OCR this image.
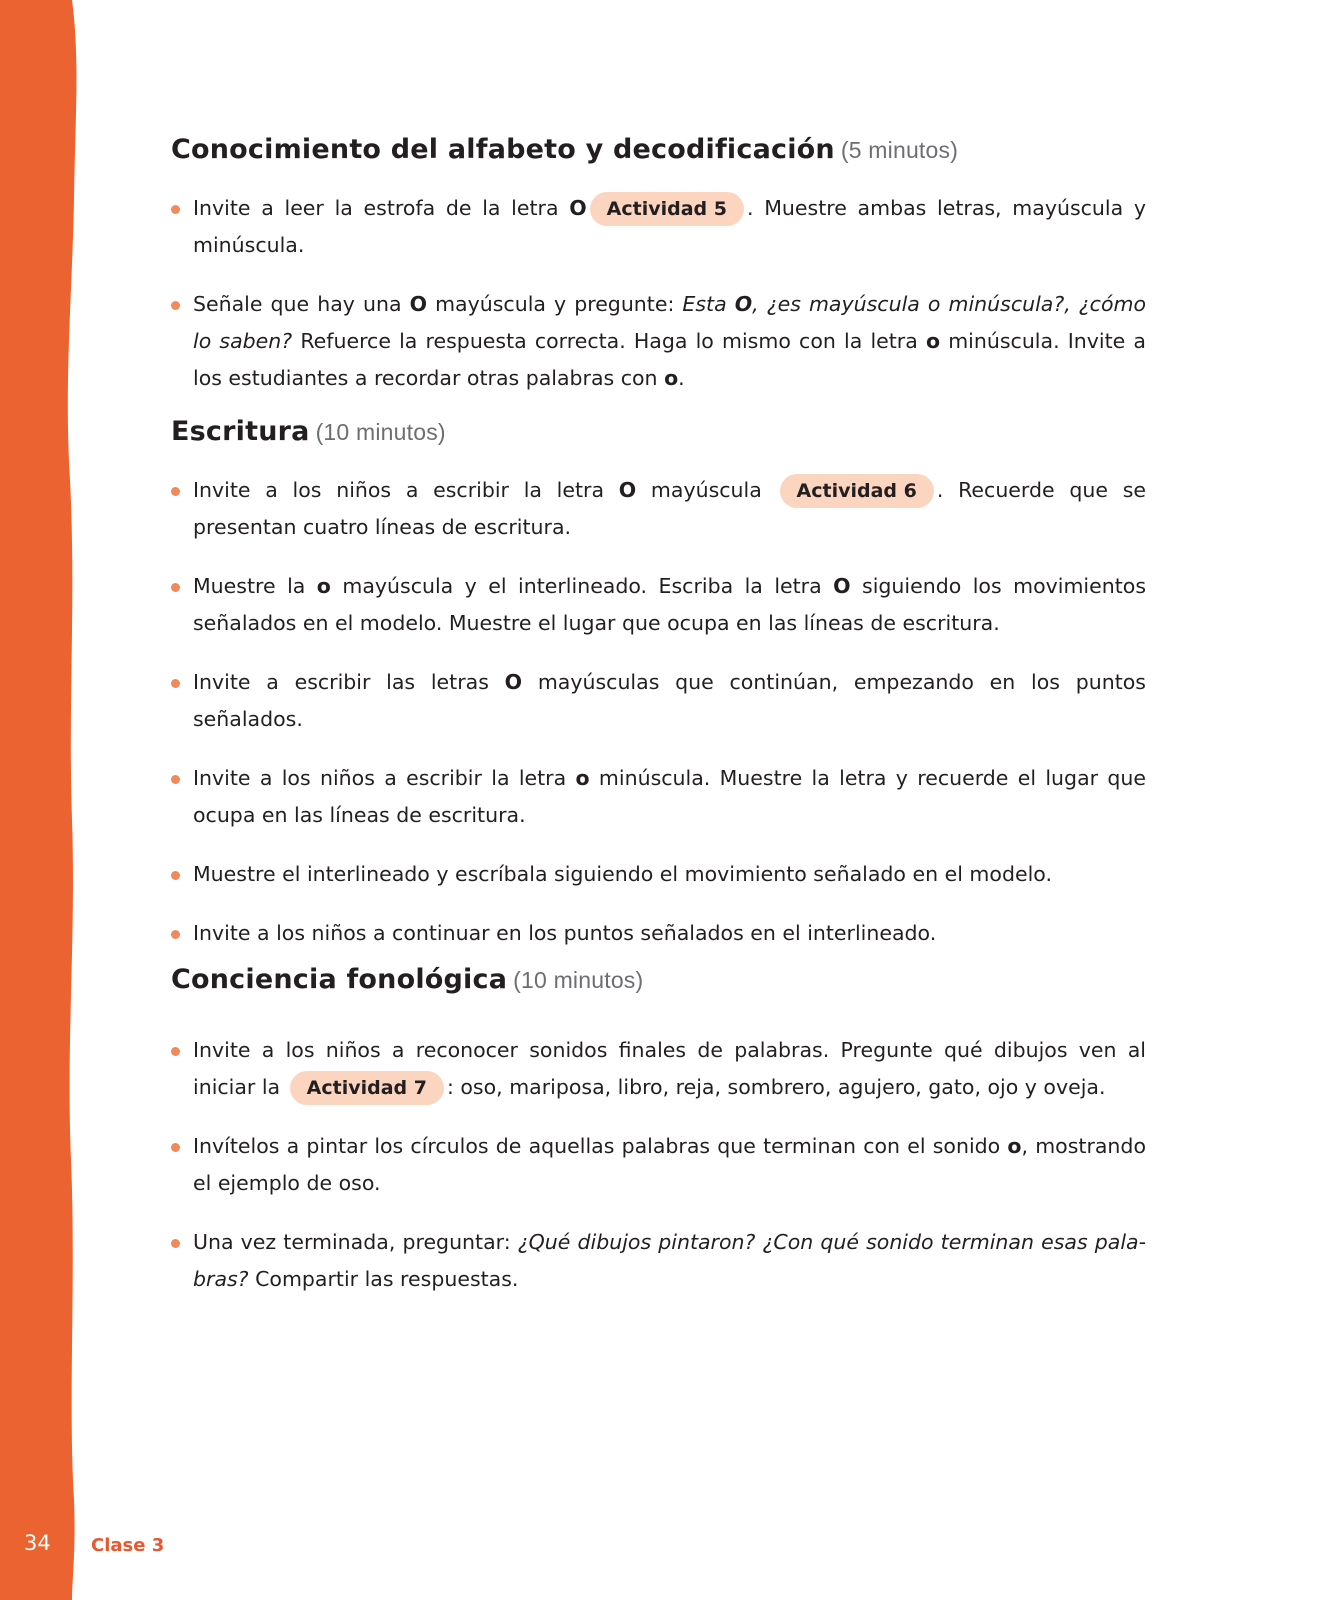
34 Clase 3
Conocimiento del alfabeto y decodificación (5 minutos)
Invite a leer la estrofa de la letra O Actividad 5 . Muestre ambas letras, mayúscula y minúscula.
Señale que hay una O mayúscula y pregunte: Esta O, ¿es mayúscula o minúscula?, ¿cómo lo saben? Refuerce la respuesta correcta. Haga lo mismo con la letra o minúscula. Invite a los estudiantes a recordar otras palabras con o.
Escritura (10 minutos)
Invite a los niños a escribir la letra O mayúscula Actividad 6 . Recuerde que se presentan cuatro líneas de escritura.
Muestre la o mayúscula y el interlineado. Escriba la letra O siguiendo los movimientos señalados en el modelo. Muestre el lugar que ocupa en las líneas de escritura.
Invite a escribir las letras O mayúsculas que continúan, empezando en los puntos señalados.
Invite a los niños a escribir la letra o minúscula. Muestre la letra y recuerde el lugar que ocupa en las líneas de escritura.
Muestre el interlineado y escríbala siguiendo el movimiento señalado en el modelo.
Invite a los niños a continuar en los puntos señalados en el interlineado.
Conciencia fonológica (10 minutos)
Invite a los niños a reconocer sonidos finales de palabras. Pregunte qué dibujos ven al iniciar la Actividad 7 : oso, mariposa, libro, reja, sombrero, agujero, gato, ojo y oveja.
Invítelos a pintar los círculos de aquellas palabras que terminan con el sonido o, mostrando el ejemplo de oso.
Una vez terminada, preguntar: ¿Qué dibujos pintaron? ¿Con qué sonido terminan esas palabras? Compartir las respuestas.
